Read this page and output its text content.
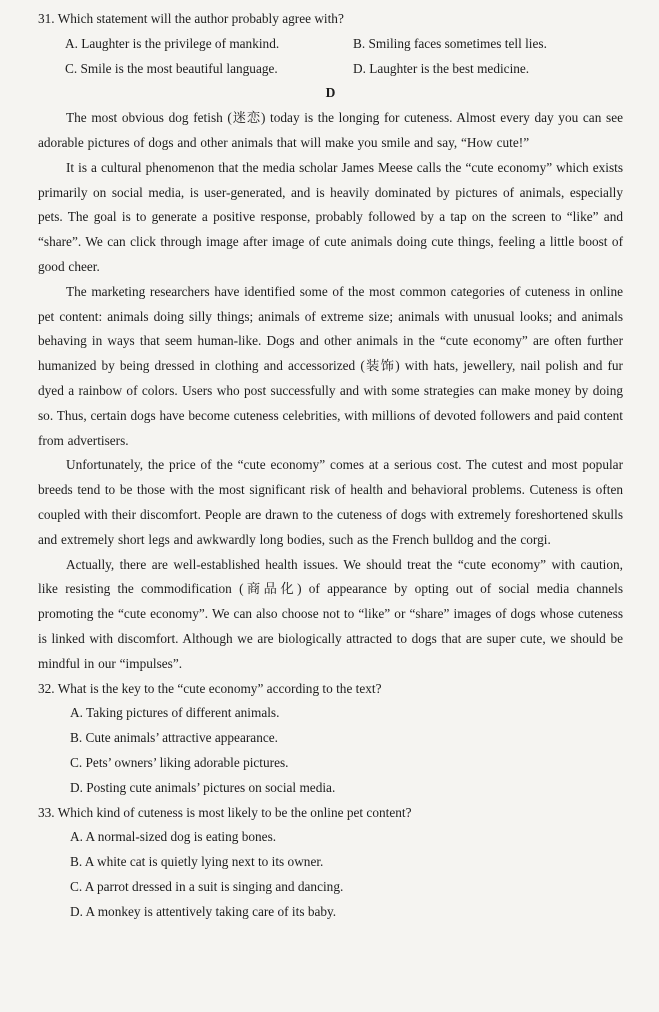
31. Which statement will the author probably agree with?

A. Laughter is the privilege of mankind.	B. Smiling faces sometimes tell lies.
C. Smile is the most beautiful language.	D. Laughter is the best medicine.

D

The most obvious dog fetish (迷恋) today is the longing for cuteness. Almost every day you can see adorable pictures of dogs and other animals that will make you smile and say, “How cute!”

It is a cultural phenomenon that the media scholar James Meese calls the “cute economy” which exists primarily on social media, is user-generated, and is heavily dominated by pictures of animals, especially pets. The goal is to generate a positive response, probably followed by a tap on the screen to “like” and “share”. We can click through image after image of cute animals doing cute things, feeling a little boost of good cheer.

The marketing researchers have identified some of the most common categories of cuteness in online pet content: animals doing silly things; animals of extreme size; animals with unusual looks; and animals behaving in ways that seem human-like. Dogs and other animals in the “cute economy” are often further humanized by being dressed in clothing and accessorized (装饰) with hats, jewellery, nail polish and fur dyed a rainbow of colors. Users who post successfully and with some strategies can make money by doing so. Thus, certain dogs have become cuteness celebrities, with millions of devoted followers and paid content from advertisers.

Unfortunately, the price of the “cute economy” comes at a serious cost. The cutest and most popular breeds tend to be those with the most significant risk of health and behavioral problems. Cuteness is often coupled with their discomfort. People are drawn to the cuteness of dogs with extremely foreshortened skulls and extremely short legs and awkwardly long bodies, such as the French bulldog and the corgi.

Actually, there are well-established health issues. We should treat the “cute economy” with caution, like resisting the commodification (商品化) of appearance by opting out of social media channels promoting the “cute economy”. We can also choose not to “like” or “share” images of dogs whose cuteness is linked with discomfort. Although we are biologically attracted to dogs that are super cute, we should be mindful in our “impulses”.

32. What is the key to the “cute economy” according to the text?

A. Taking pictures of different animals.
B. Cute animals’ attractive appearance.
C. Pets’ owners’ liking adorable pictures.
D. Posting cute animals’ pictures on social media.

33. Which kind of cuteness is most likely to be the online pet content?

A. A normal-sized dog is eating bones.
B. A white cat is quietly lying next to its owner.
C. A parrot dressed in a suit is singing and dancing.
D. A monkey is attentively taking care of its baby.
